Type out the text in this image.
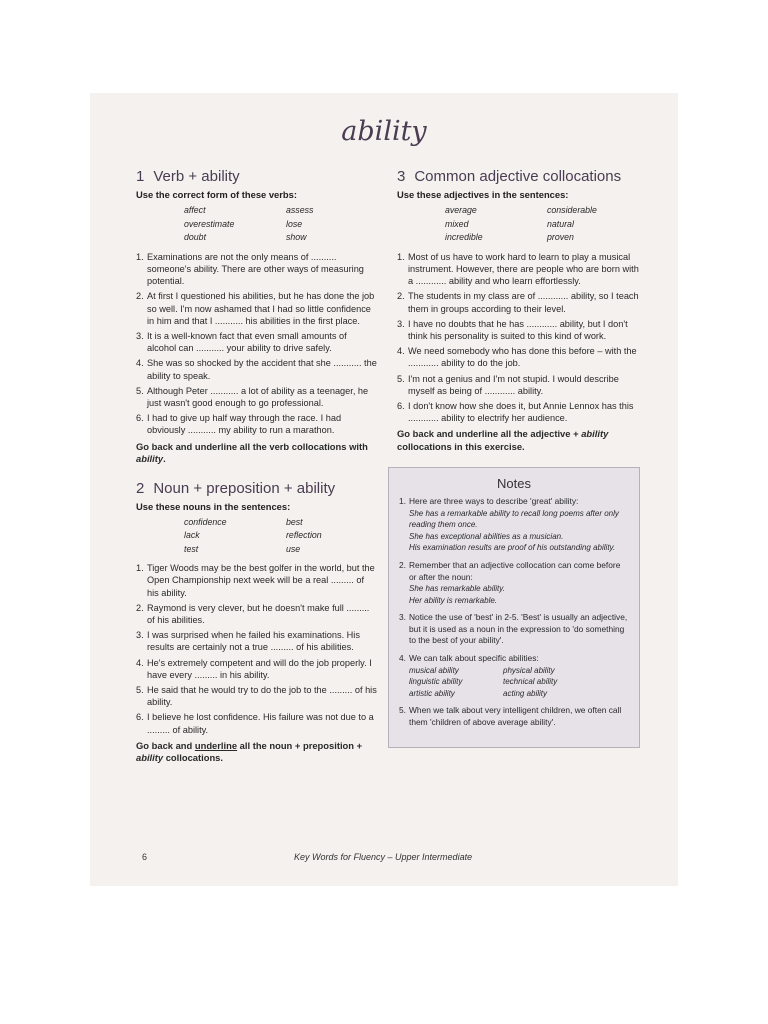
ability
1 Verb + ability
Use the correct form of these verbs:
affect	assess
overestimate	lose
doubt	show
1. Examinations are not the only means of .......... someone's ability. There are other ways of measuring potential.
2. At first I questioned his abilities, but he has done the job so well. I'm now ashamed that I had so little confidence in him and that I ........... his abilities in the first place.
3. It is a well-known fact that even small amounts of alcohol can ........... your ability to drive safely.
4. She was so shocked by the accident that she ........... the ability to speak.
5. Although Peter ........... a lot of ability as a teenager, he just wasn't good enough to go professional.
6. I had to give up half way through the race. I had obviously ........... my ability to run a marathon.
Go back and underline all the verb collocations with ability.
2 Noun + preposition + ability
Use these nouns in the sentences:
confidence	best
lack	reflection
test	use
1. Tiger Woods may be the best golfer in the world, but the Open Championship next week will be a real ......... of his ability.
2. Raymond is very clever, but he doesn't make full ......... of his abilities.
3. I was surprised when he failed his examinations. His results are certainly not a true ......... of his abilities.
4. He's extremely competent and will do the job properly. I have every ......... in his ability.
5. He said that he would try to do the job to the ......... of his ability.
6. I believe he lost confidence. His failure was not due to a ......... of ability.
Go back and underline all the noun + preposition + ability collocations.
3 Common adjective collocations
Use these adjectives in the sentences:
average	considerable
mixed	natural
incredible	proven
1. Most of us have to work hard to learn to play a musical instrument. However, there are people who are born with a ............ ability and who learn effortlessly.
2. The students in my class are of ............ ability, so I teach them in groups according to their level.
3. I have no doubts that he has ............ ability, but I don't think his personality is suited to this kind of work.
4. We need somebody who has done this before – with the ............ ability to do the job.
5. I'm not a genius and I'm not stupid. I would describe myself as being of ............ ability.
6. I don't know how she does it, but Annie Lennox has this ............ ability to electrify her audience.
Go back and underline all the adjective + ability collocations in this exercise.
Notes
1. Here are three ways to describe 'great' ability:
She has a remarkable ability to recall long poems after only reading them once.
She has exceptional abilities as a musician.
His examination results are proof of his outstanding ability.
2. Remember that an adjective collocation can come before or after the noun:
She has remarkable ability.
Her ability is remarkable.
3. Notice the use of 'best' in 2-5. 'Best' is usually an adjective, but it is used as a noun in the expression to 'do something to the best of your ability'.
4. We can talk about specific abilities:
musical ability	physical ability
linguistic ability	technical ability
artistic ability	acting ability
5. When we talk about very intelligent children, we often call them 'children of above average ability'.
6	Key Words for Fluency – Upper Intermediate
